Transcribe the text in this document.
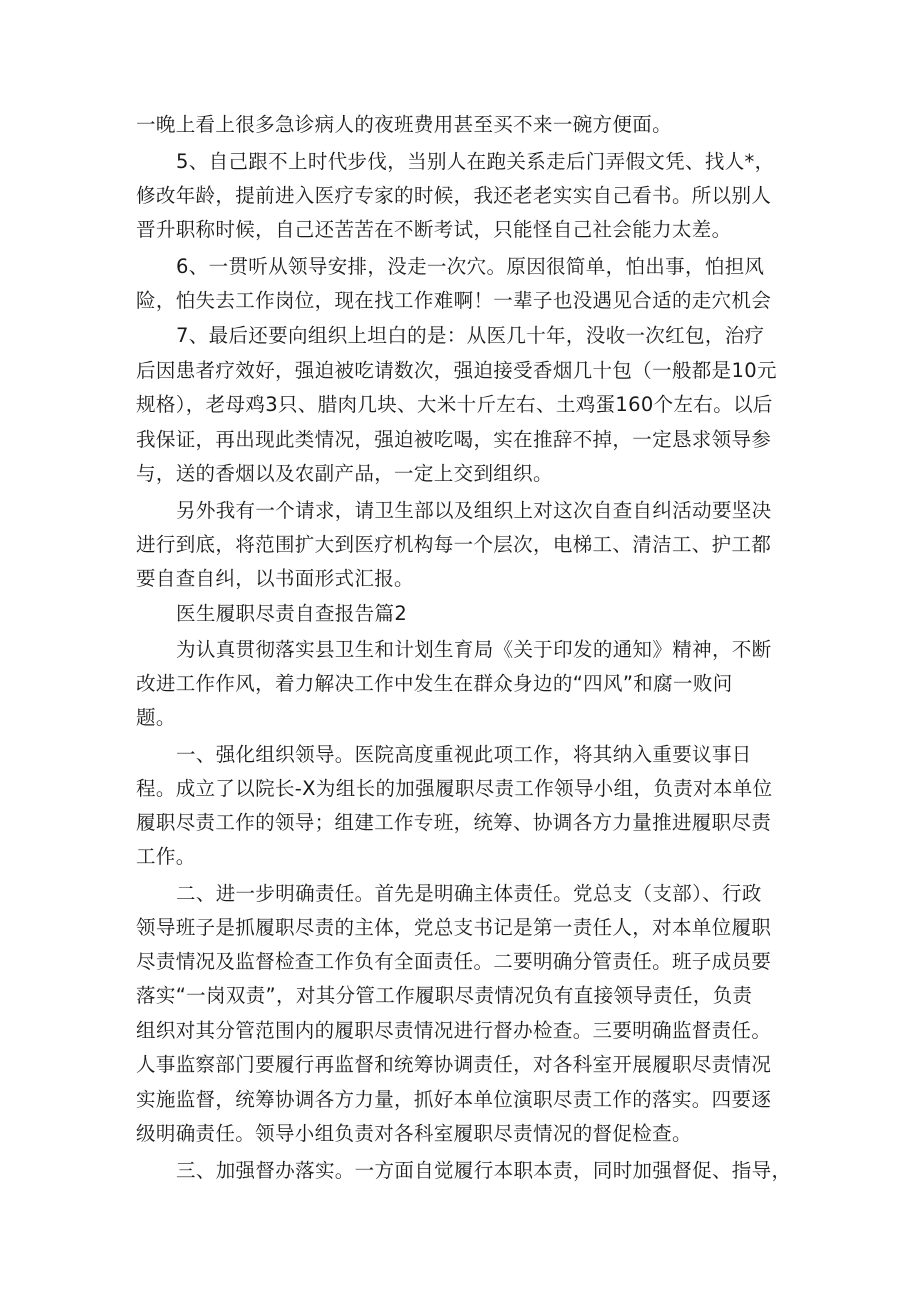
一晚上看上很多急诊病人的夜班费用甚至买不来一碗方便面。
5、自己跟不上时代步伐，当别人在跑关系走后门弄假文凭、找人*，
修改年龄，提前进入医疗专家的时候，我还老老实实自己看书。所以别人
晋升职称时候，自己还苦苦在不断考试，只能怪自己社会能力太差。
6、一贯听从领导安排，没走一次穴。原因很简单，怕出事，怕担风
险，怕失去工作岗位，现在找工作难啊！一辈子也没遇见合适的走穴机会
7、最后还要向组织上坦白的是：从医几十年，没收一次红包，治疗
后因患者疗效好，强迫被吃请数次，强迫接受香烟几十包（一般都是10元
规格），老母鸡3只、腊肉几块、大米十斤左右、土鸡蛋160个左右。以后
我保证，再出现此类情况，强迫被吃喝，实在推辞不掉，一定恳求领导参
与，送的香烟以及农副产品，一定上交到组织。
另外我有一个请求，请卫生部以及组织上对这次自查自纠活动要坚决
进行到底，将范围扩大到医疗机构每一个层次，电梯工、清洁工、护工都
要自查自纠，以书面形式汇报。
医生履职尽责自查报告篇2
为认真贯彻落实县卫生和计划生育局《关于印发的通知》精神，不断
改进工作作风，着力解决工作中发生在群众身边的“四风”和腐一败问
题。
一、强化组织领导。医院高度重视此项工作，将其纳入重要议事日
程。成立了以院长-X为组长的加强履职尽责工作领导小组，负责对本单位
履职尽责工作的领导；组建工作专班，统筹、协调各方力量推进履职尽责
工作。
二、进一步明确责任。首先是明确主体责任。党总支（支部）、行政
领导班子是抓履职尽责的主体，党总支书记是第一责任人，对本单位履职
尽责情况及监督检查工作负有全面责任。二要明确分管责任。班子成员要
落实“一岗双责”，对其分管工作履职尽责情况负有直接领导责任，负责
组织对其分管范围内的履职尽责情况进行督办检查。三要明确监督责任。
人事监察部门要履行再监督和统筹协调责任，对各科室开展履职尽责情况
实施监督，统筹协调各方力量，抓好本单位演职尽责工作的落实。四要逐
级明确责任。领导小组负责对各科室履职尽责情况的督促检查。
三、加强督办落实。一方面自觉履行本职本责，同时加强督促、指导，
